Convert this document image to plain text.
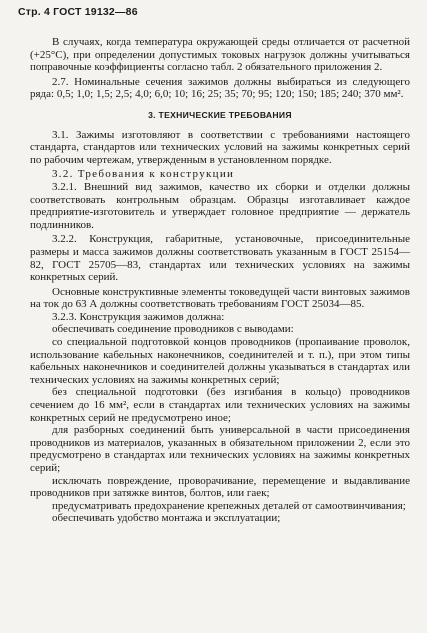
Стр. 4 ГОСТ 19132—86

В случаях, когда температура окружающей среды отличается от расчетной (+25°С), при определении допустимых токовых нагрузок должны учитываться поправочные коэффициенты согласно табл. 2 обязательного приложения 2.

2.7. Номинальные сечения зажимов должны выбираться из следующего ряда: 0,5; 1,0; 1,5; 2,5; 4,0; 6,0; 10; 16; 25; 35; 70; 95; 120; 150; 185; 240; 370 мм².

3. ТЕХНИЧЕСКИЕ ТРЕБОВАНИЯ

3.1. Зажимы изготовляют в соответствии с требованиями настоящего стандарта, стандартов или технических условий на зажимы конкретных серий по рабочим чертежам, утвержденным в установленном порядке.

3.2. Требования к конструкции

3.2.1. Внешний вид зажимов, качество их сборки и отделки должны соответствовать контрольным образцам. Образцы изготавливает каждое предприятие-изготовитель и утверждает головное предприятие — держатель подлинников.

3.2.2. Конструкция, габаритные, установочные, присоединительные размеры и масса зажимов должны соответствовать указанным в ГОСТ 25154—82, ГОСТ 25705—83, стандартах или технических условиях на зажимы конкретных серий.

Основные конструктивные элементы токоведущей части винтовых зажимов на ток до 63 А должны соответствовать требованиям ГОСТ 25034—85.

3.2.3. Конструкция зажимов должна:

обеспечивать соединение проводников с выводами:

со специальной подготовкой концов проводников (пропаивание проволок, использование кабельных наконечников, соединителей и т. п.), при этом типы кабельных наконечников и соединителей должны указываться в стандартах или технических условиях на зажимы конкретных серий;

без специальной подготовки (без изгибания в кольцо) проводников сечением до 16 мм², если в стандартах или технических условиях на зажимы конкретных серий не предусмотрено иное;

для разборных соединений быть универсальной в части присоединения проводников из материалов, указанных в обязательном приложении 2, если это предусмотрено в стандартах или технических условиях на зажимы конкретных серий;

исключать повреждение, проворачивание, перемещение и выдавливание проводников при затяжке винтов, болтов, или гаек;

предусматривать предохранение крепежных деталей от самоотвинчивания;

обеспечивать удобство монтажа и эксплуатации;
